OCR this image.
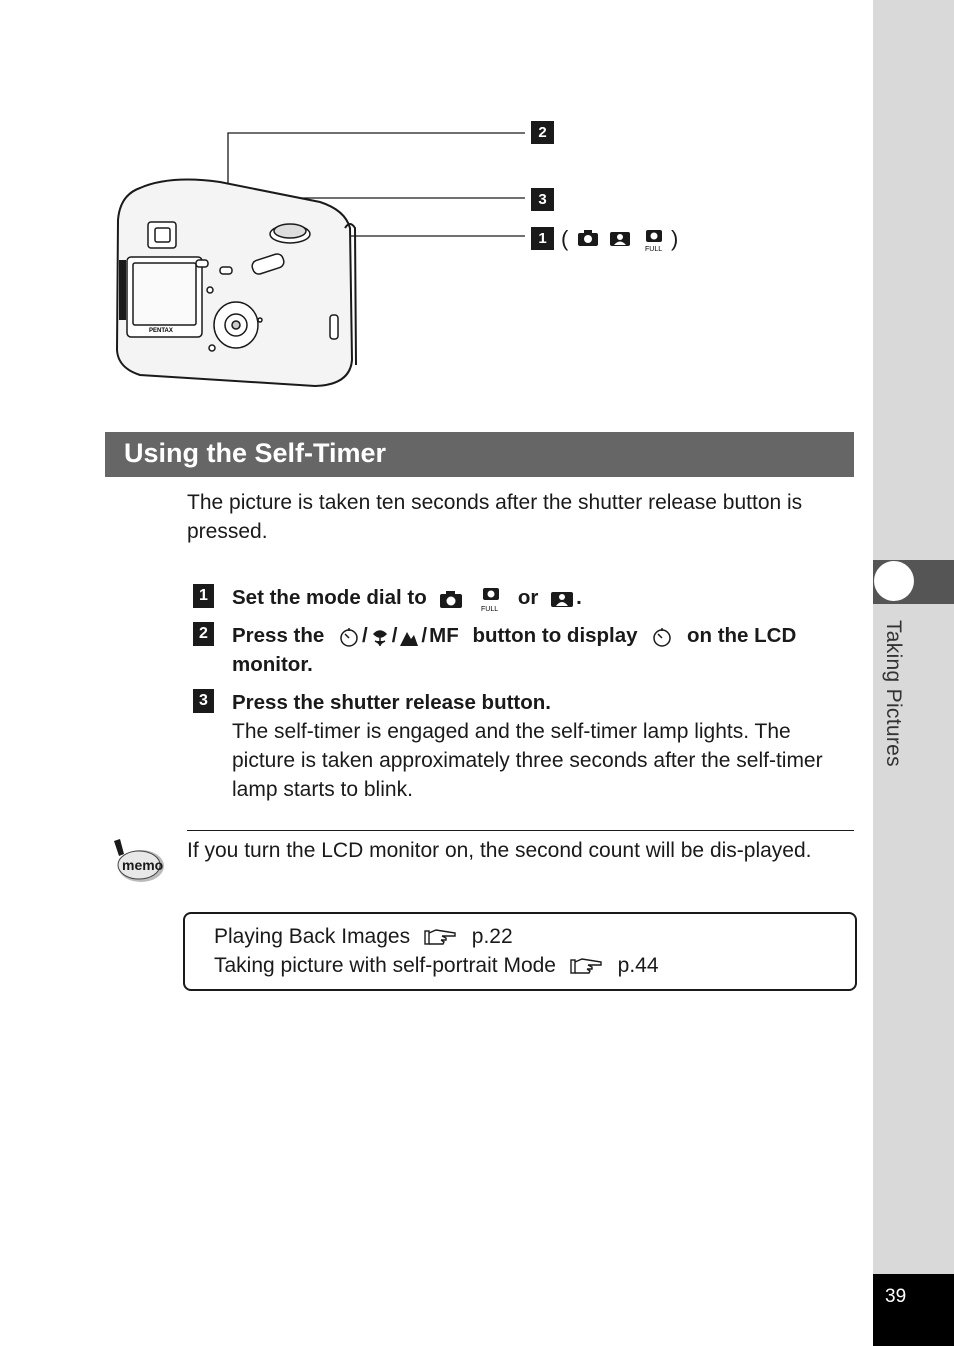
Taking Pictures
39
PENTAX
2
3
1 (	FULL )
Using the Self-Timer
The picture is taken ten seconds after the shutter release button is pressed.
1 Set the mode dial to
FULL
or .
2 Press the / / /MF button to display on the LCD monitor.
3 Press the shutter release button.
The self-timer is engaged and the self-timer lamp lights. The picture is taken approximately three seconds after the self-timer lamp starts to blink.
memo
If you turn the LCD monitor on, the second count will be dis-played.
Playing Back Images	p.22
Taking picture with self-portrait Mode	p.44
